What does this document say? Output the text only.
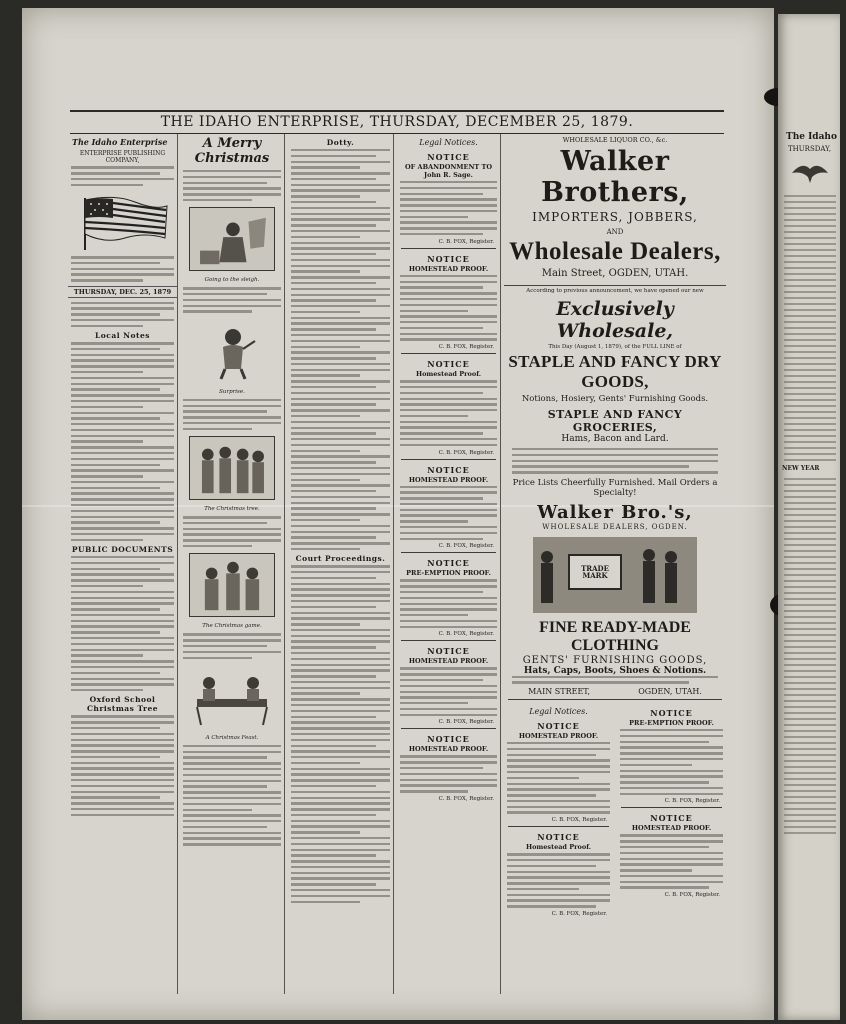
THE IDAHO ENTERPRISE, THURSDAY, DECEMBER 25, 1879.
The Idaho Enterprise
ENTERPRISE PUBLISHING COMPANY,
THURSDAY, DEC. 25, 1879
Local Notes
PUBLIC DOCUMENTS
Oxford School Christmas Tree
A Merry Christmas
Going to the sleigh.
Surprise.
The Christmas tree.
The Christmas game.
A Christmas Feast.
Dotty.
Court Proceedings.
Legal Notices.
NOTICE
OF ABANDONMENT TO John R. Sage.
C. B. FOX, Register.
NOTICE
HOMESTEAD PROOF.
C. B. FOX, Register.
NOTICE
Homestead Proof.
C. B. FOX, Register.
NOTICE
HOMESTEAD PROOF.
C. B. FOX, Register.
NOTICE
PRE-EMPTION PROOF.
C. B. FOX, Register.
NOTICE
HOMESTEAD PROOF.
C. B. FOX, Register.
NOTICE
HOMESTEAD PROOF.
C. B. FOX, Register.
WHOLESALE LIQUOR CO., &c.
Walker Brothers,
IMPORTERS, JOBBERS,
AND
Wholesale Dealers,
Main Street, OGDEN, UTAH.
According to previous announcement, we have opened our new
Exclusively Wholesale,
This Day (August 1, 1879), of the FULL LINE of
STAPLE AND FANCY DRY GOODS,
Notions, Hosiery, Gents' Furnishing Goods.
STAPLE AND FANCY GROCERIES,
Hams, Bacon and Lard.
Price Lists Cheerfully Furnished. Mail Orders a Specialty!
Walker Bro.'s,
WHOLESALE DEALERS, OGDEN.
TRADE MARK
FINE READY-MADE CLOTHING
GENTS' FURNISHING GOODS,
Hats, Caps, Boots, Shoes & Notions.
MAIN STREET,	OGDEN, UTAH.
Legal Notices.
NOTICE
HOMESTEAD PROOF.
C. B. FOX, Register.
NOTICE
Homestead Proof.
C. B. FOX, Register.
NOTICE
PRE-EMPTION PROOF.
C. B. FOX, Register.
NOTICE
HOMESTEAD PROOF.
C. B. FOX, Register.
The Idaho
THURSDAY,
NEW YEAR
